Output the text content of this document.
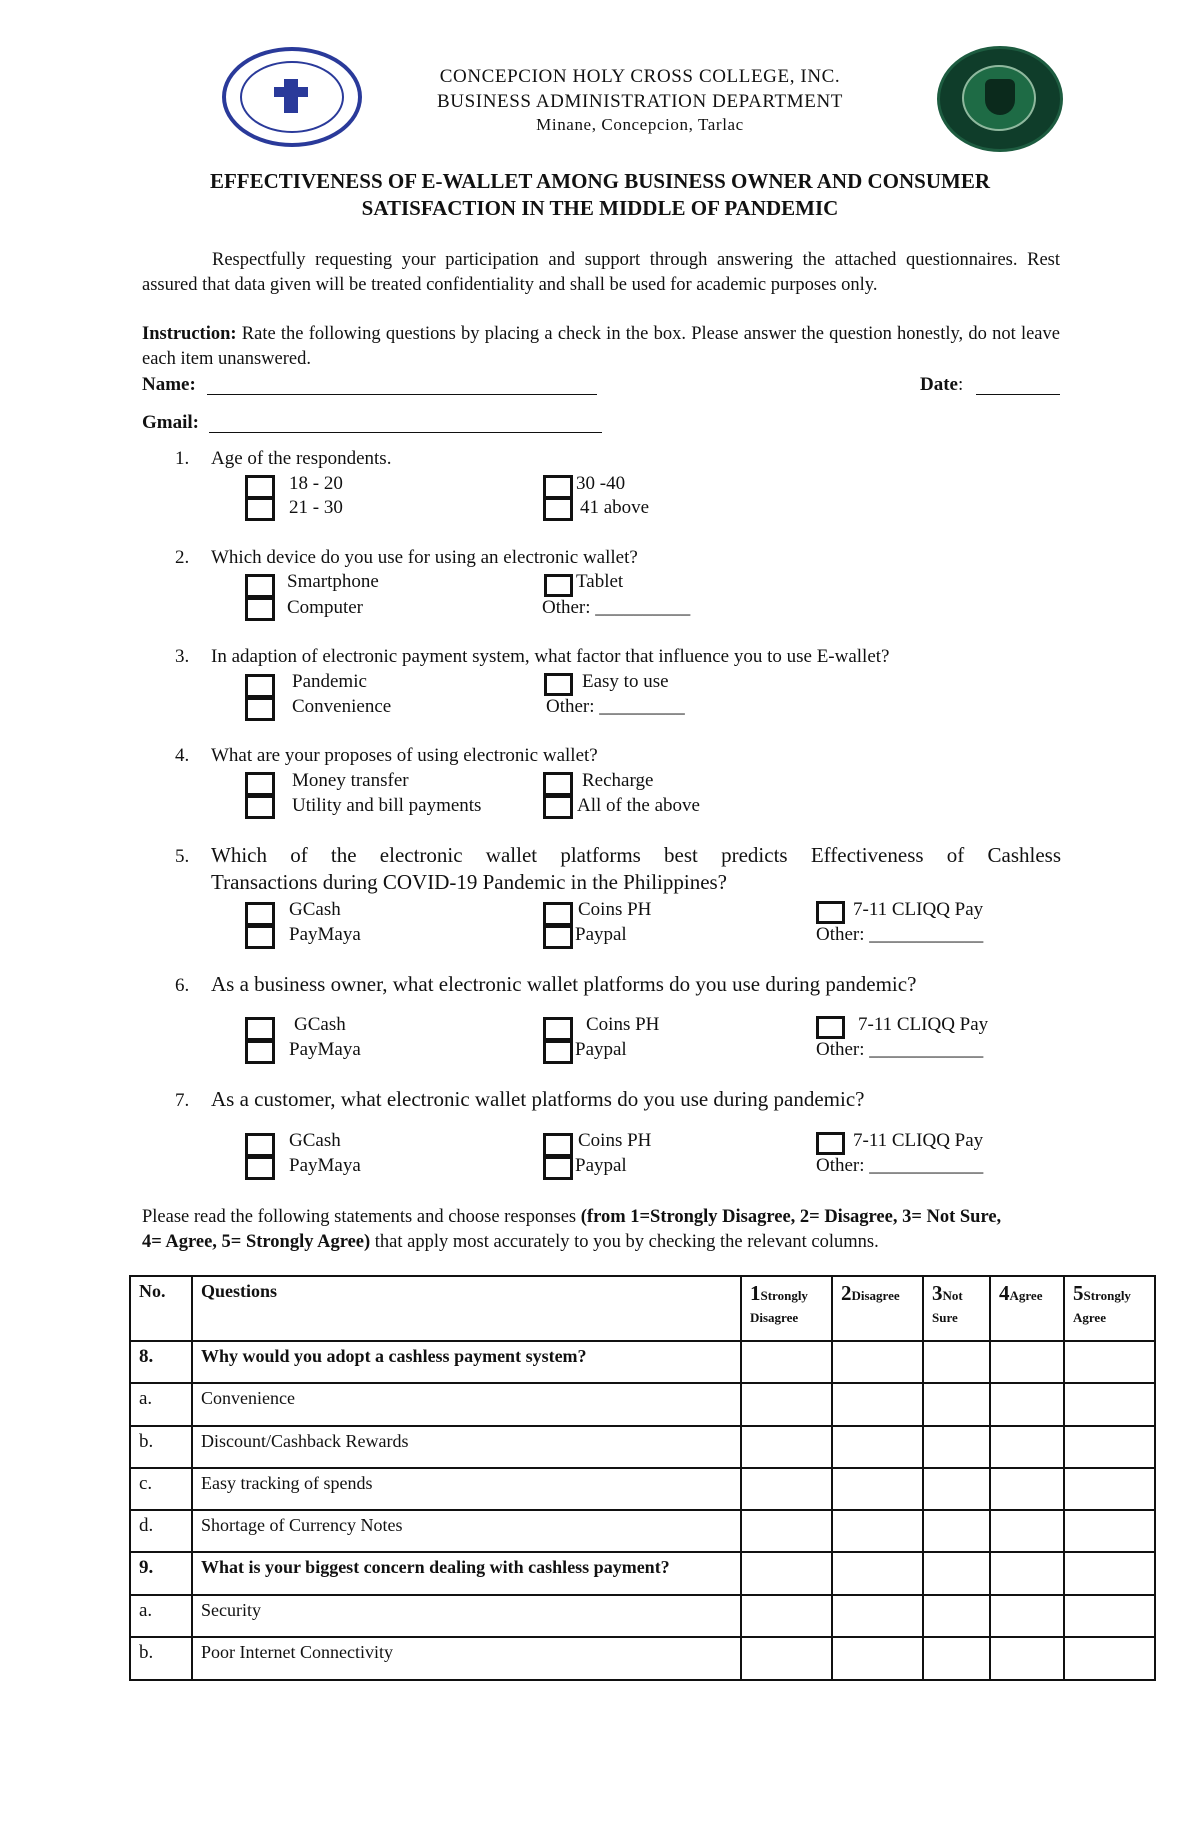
CONCEPCION HOLY CROSS COLLEGE, INC.
BUSINESS ADMINISTRATION DEPARTMENT
Minane, Concepcion, Tarlac
EFFECTIVENESS OF E-WALLET AMONG BUSINESS OWNER AND CONSUMER
SATISFACTION IN THE MIDDLE OF PANDEMIC
Respectfully requesting your participation and support through answering the attached questionnaires. Rest assured that data given will be treated confidentiality and shall be used for academic purposes only.
Instruction: Rate the following questions by placing a check in the box. Please answer the question honestly, do not leave each item unanswered.
Name:	Date:
Gmail:
1. Age of the respondents.
18 - 20
21 - 30
30 -40
41 above
2. Which device do you use for using an electronic wallet?
Smartphone
Computer
Tablet
Other: __________
3. In adaption of electronic payment system, what factor that influence you to use E-wallet?
Pandemic
Convenience
Easy to use
Other: _________
4. What are your proposes of using electronic wallet?
Money transfer
Utility and bill payments
Recharge
All of the above
5. Which of the electronic wallet platforms best predicts Effectiveness of Cashless
Transactions during COVID-19 Pandemic in the Philippines?
GCash
PayMaya
Coins PH
Paypal
7-11 CLIQQ Pay
Other: ____________
6. As a business owner, what electronic wallet platforms do you use during pandemic?
GCash
PayMaya
Coins PH
Paypal
7-11 CLIQQ Pay
Other: ____________
7. As a customer, what electronic wallet platforms do you use during pandemic?
GCash
PayMaya
Coins PH
Paypal
7-11 CLIQQ Pay
Other: ____________
Please read the following statements and choose responses (from 1=Strongly Disagree, 2= Disagree, 3= Not Sure, 4= Agree, 5= Strongly Agree) that apply most accurately to you by checking the relevant columns.
No.	Questions	1Strongly Disagree	2Disagree	3Not Sure	4Agree	5Strongly Agree
8.	Why would you adopt a cashless payment system?					
a.	Convenience					
b.	Discount/Cashback Rewards					
c.	Easy tracking of spends					
d.	Shortage of Currency Notes					
9.	What is your biggest concern dealing with cashless payment?					
a.	Security					
b.	Poor Internet Connectivity					
